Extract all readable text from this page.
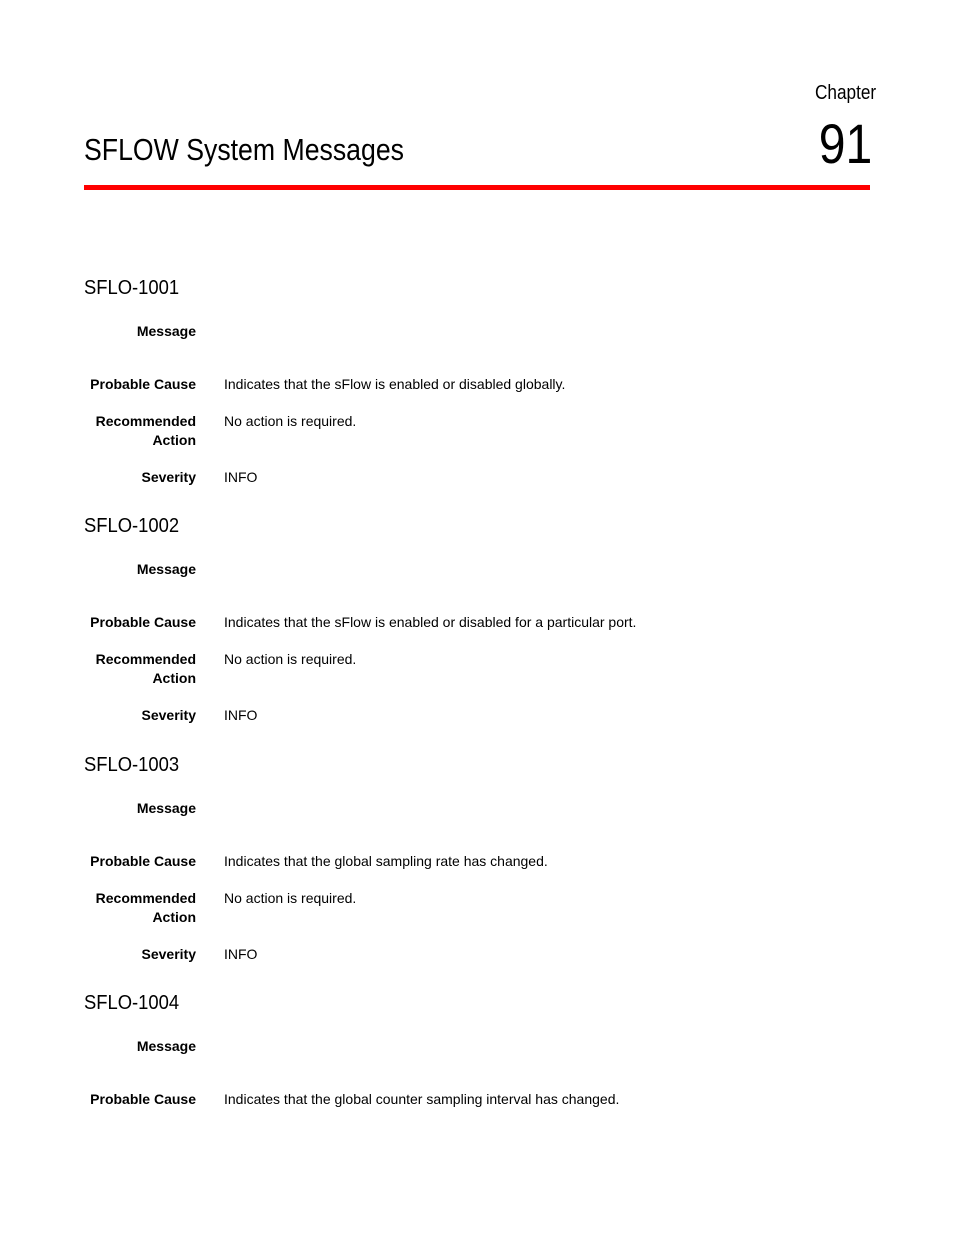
Chapter
91
SFLOW System Messages
SFLO-1001
Message
Probable Cause Indicates that the sFlow is enabled or disabled globally.
Recommended
Action
No action is required.
Severity INFO
SFLO-1002
Message
Probable Cause Indicates that the sFlow is enabled or disabled for a particular port.
Recommended
Action
No action is required.
Severity INFO
SFLO-1003
Message
Probable Cause Indicates that the global sampling rate has changed.
Recommended
Action
No action is required.
Severity INFO
SFLO-1004
Message
Probable Cause Indicates that the global counter sampling interval has changed.
